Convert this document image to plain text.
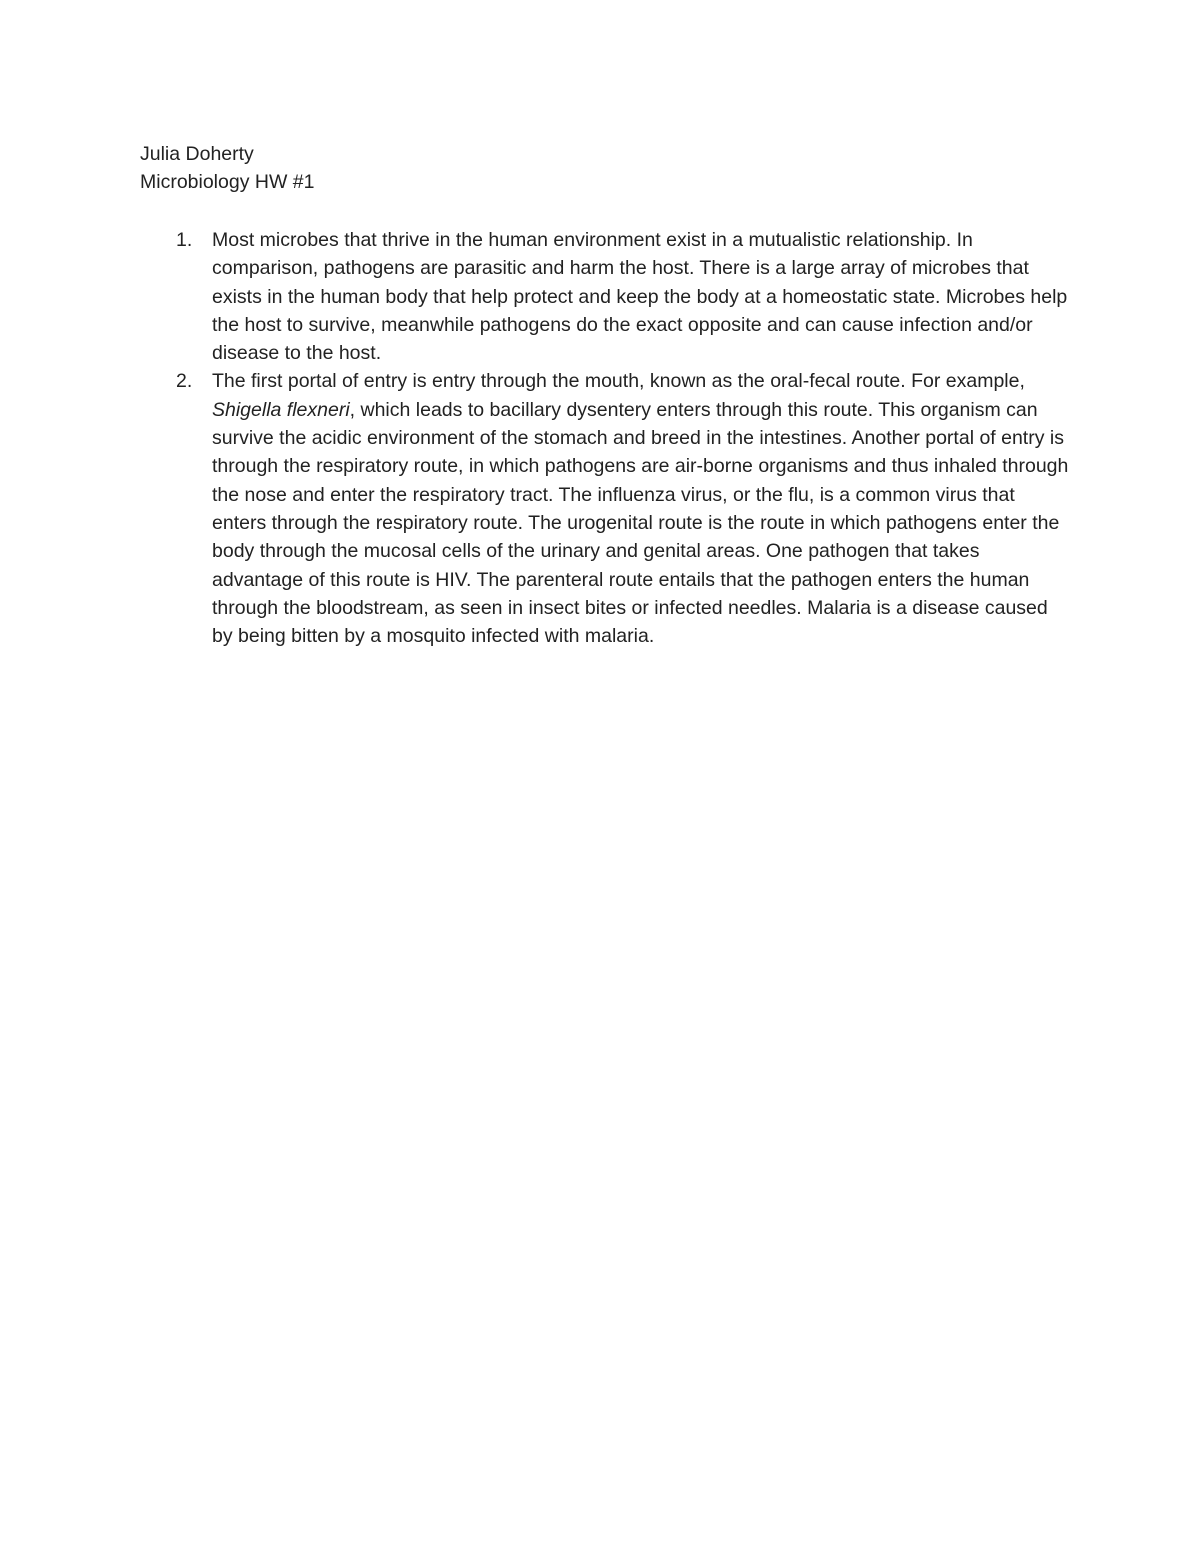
Julia Doherty
Microbiology HW #1
1. Most microbes that thrive in the human environment exist in a mutualistic relationship. In comparison, pathogens are parasitic and harm the host. There is a large array of microbes that exists in the human body that help protect and keep the body at a homeostatic state. Microbes help the host to survive, meanwhile pathogens do the exact opposite and can cause infection and/or disease to the host.
2. The first portal of entry is entry through the mouth, known as the oral-fecal route. For example, Shigella flexneri, which leads to bacillary dysentery enters through this route. This organism can survive the acidic environment of the stomach and breed in the intestines. Another portal of entry is through the respiratory route, in which pathogens are air-borne organisms and thus inhaled through the nose and enter the respiratory tract. The influenza virus, or the flu, is a common virus that enters through the respiratory route. The urogenital route is the route in which pathogens enter the body through the mucosal cells of the urinary and genital areas. One pathogen that takes advantage of this route is HIV. The parenteral route entails that the pathogen enters the human through the bloodstream, as seen in insect bites or infected needles. Malaria is a disease caused by being bitten by a mosquito infected with malaria.
